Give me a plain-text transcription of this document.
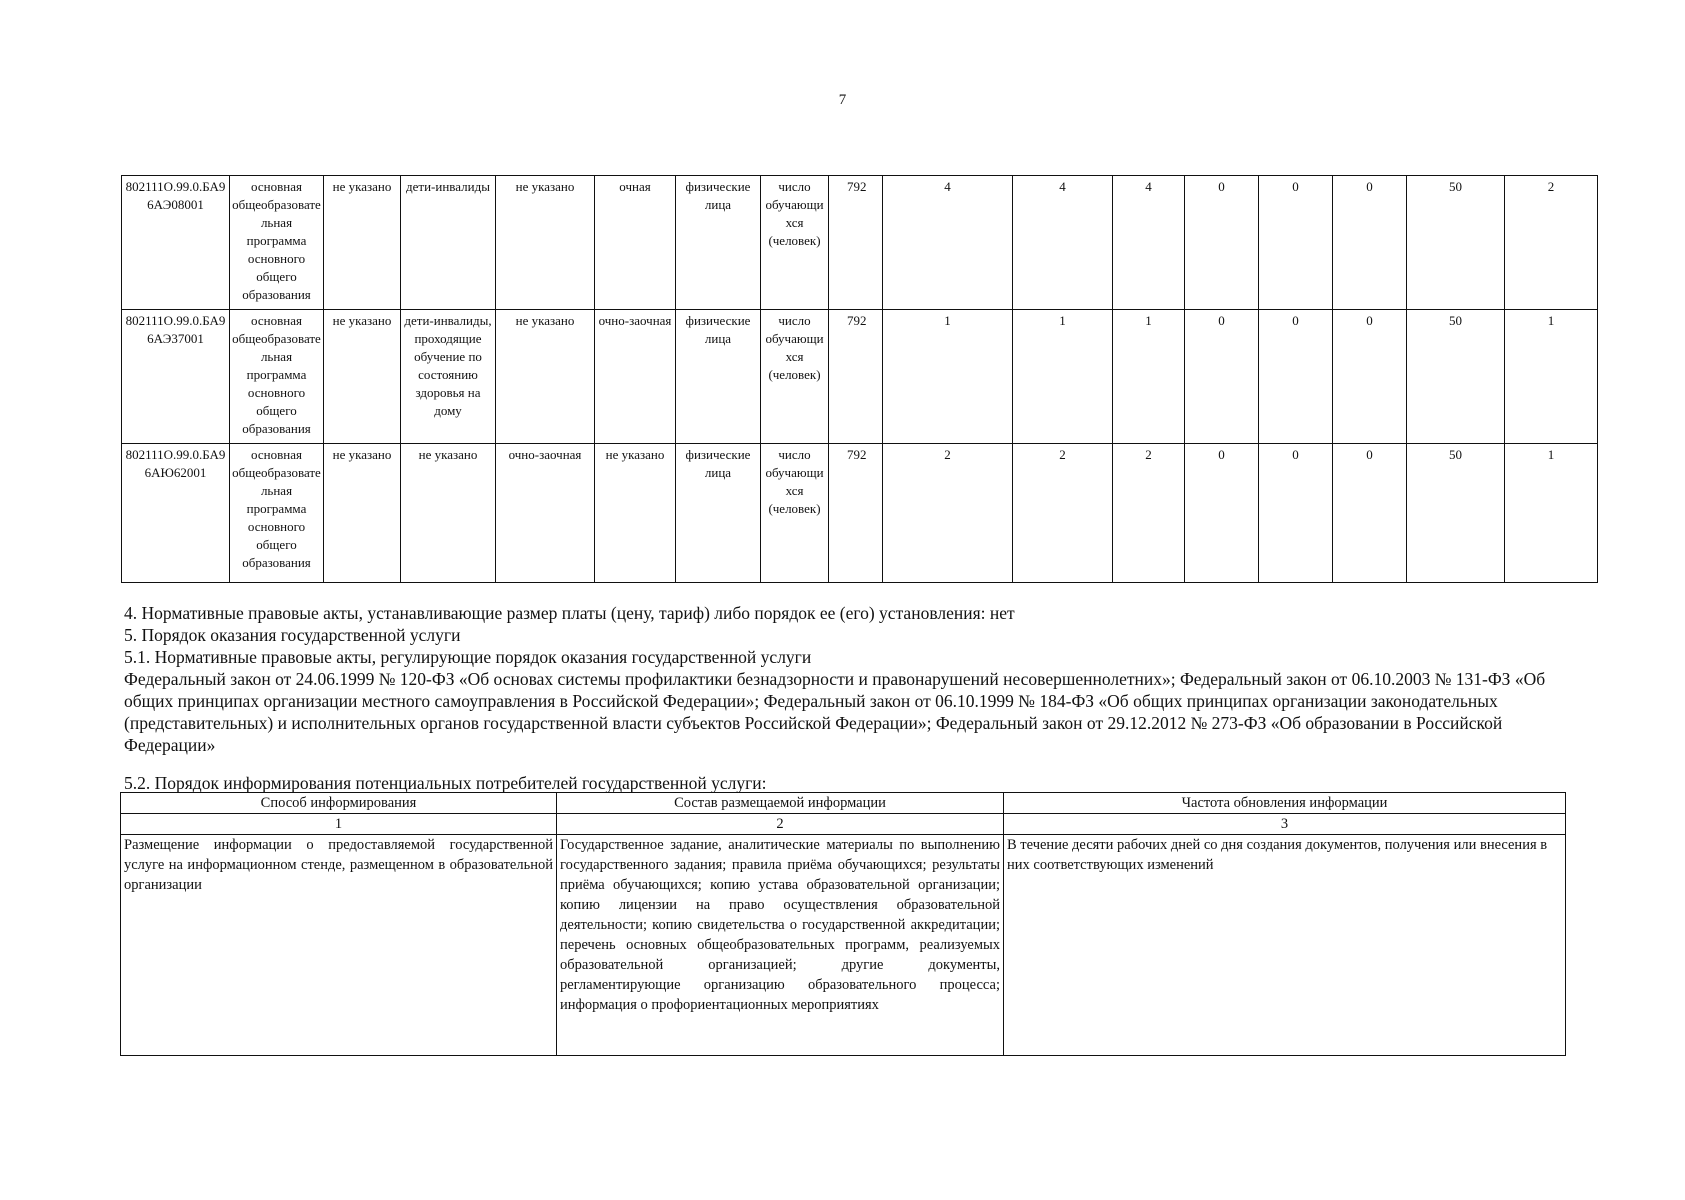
7
802111О.99.0.БА96АЭ08001	основная общеобразовательная программа основного общего образования	не указано	дети-инвалиды	не указано	очная	физические лица	число обучающихся (человек)	792	4	4	4	0	0	0	50	2
802111О.99.0.БА96АЭ37001	основная общеобразовательная программа основного общего образования	не указано	дети-инвалиды, проходящие обучение по состоянию здоровья на дому	не указано	очно-заочная	физические лица	число обучающихся (человек)	792	1	1	1	0	0	0	50	1
802111О.99.0.БА96АЮ62001	основная общеобразовательная программа основного общего образования	не указано	не указано	очно-заочная	не указано	физические лица	число обучающихся (человек)	792	2	2	2	0	0	0	50	1
4. Нормативные правовые акты, устанавливающие размер платы (цену, тариф) либо порядок ее (его) установления: нет
5. Порядок оказания государственной услуги
5.1. Нормативные правовые акты, регулирующие порядок оказания государственной услуги
Федеральный закон от 24.06.1999 № 120-ФЗ «Об основах системы профилактики безнадзорности и правонарушений несовершеннолетних»; Федеральный закон от 06.10.2003 № 131-ФЗ «Об общих принципах организации местного самоуправления в Российской Федерации»; Федеральный закон от 06.10.1999 № 184-ФЗ «Об общих принципах организации законодательных (представительных) и исполнительных органов государственной власти субъектов Российской Федерации»; Федеральный закон от 29.12.2012 № 273-ФЗ «Об образовании в Российской Федерации»
5.2. Порядок информирования потенциальных потребителей государственной услуги:
Способ информирования	Состав размещаемой информации	Частота обновления информации
1	2	3
Размещение информации о предоставляемой государственной услуге на информационном стенде, размещенном в образовательной организации	Государственное задание, аналитические материалы по выполнению государственного задания; правила приёма обучающихся; результаты приёма обучающихся; копию устава образовательной организации; копию лицензии на право осуществления образовательной деятельности; копию свидетельства о государственной аккредитации; перечень основных общеобразовательных программ, реализуемых образовательной организацией; другие документы, регламентирующие организацию образовательного процесса; информация о профориентационных мероприятиях	В течение десяти рабочих дней со дня создания документов, получения или внесения в них соответствующих изменений
